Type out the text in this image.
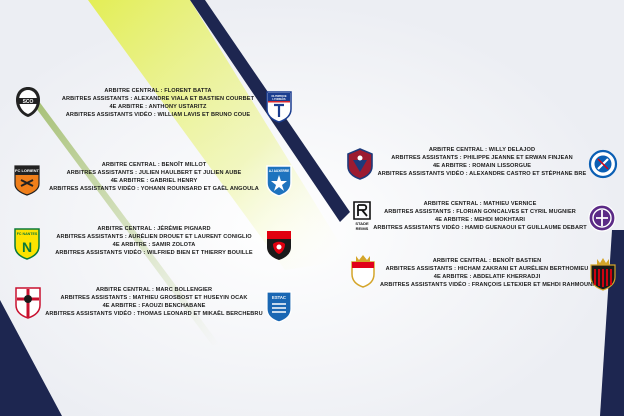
SCO
OLYMPIQUE
LYONNAIS
ARBITRE CENTRAL : FLORENT BATTA
ARBITRES ASSISTANTS : ALEXANDRE VIALA ET BASTIEN COURBET
4E ARBITRE : ANTHONY USTARITZ
ARBITRES ASSISTANTS VIDÉO : WILLIAM LAVIS ET BRUNO COUE
FC LORIENT	AJ AUXERRE
ARBITRE CENTRAL : BENOÎT MILLOT
ARBITRES ASSISTANTS : JULIEN HAULBERT ET JULIEN AUBE
4E ARBITRE : GABRIEL HENRY
ARBITRES ASSISTANTS VIDÉO : YOHANN ROUINSARD ET GAËL ANGOULA
FC NANTES
N
ARBITRE CENTRAL : JÉRÉMIE PIGNARD
ARBITRES ASSISTANTS : AURÉLIEN DROUET ET LAURENT CONIGLIO
4E ARBITRE : SAMIR ZOLOTA
ARBITRES ASSISTANTS VIDÉO : WILFRIED BIEN ET THIERRY BOUILLE
ESTAC
ARBITRE CENTRAL : MARC BOLLENGIER
ARBITRES ASSISTANTS : MATHIEU GROSBOST ET HUSEYIN OCAK
4E ARBITRE : FAOUZI BENCHABANE
ARBITRES ASSISTANTS VIDÉO : THOMAS LEONARD ET MIKAËL BERCHEBRU
ARBITRE CENTRAL : WILLY DELAJOD
ARBITRES ASSISTANTS : PHILIPPE JEANNE ET ERWAN FINJEAN
4E ARBITRE : ROMAIN LISSORGUE
ARBITRES ASSISTANTS VIDÉO : ALEXANDRE CASTRO ET STÉPHANE BRE
STADE
REIMS
ARBITRE CENTRAL : MATHIEU VERNICE
ARBITRES ASSISTANTS : FLORIAN GONCALVES ET CYRIL MUGNIER
4E ARBITRE : MEHDI MOKHTARI
ARBITRES ASSISTANTS VIDÉO : HAMID GUENAOUI ET GUILLAUME DEBART
ARBITRE CENTRAL : BENOÎT BASTIEN
ARBITRES ASSISTANTS : HICHAM ZAKRANI ET AURÉLIEN BERTHOMIEU
4E ARBITRE : ABDELATIF KHERRADJI
ARBITRES ASSISTANTS VIDÉO : FRANÇOIS LETEXIER ET MEHDI RAHMOUNI
